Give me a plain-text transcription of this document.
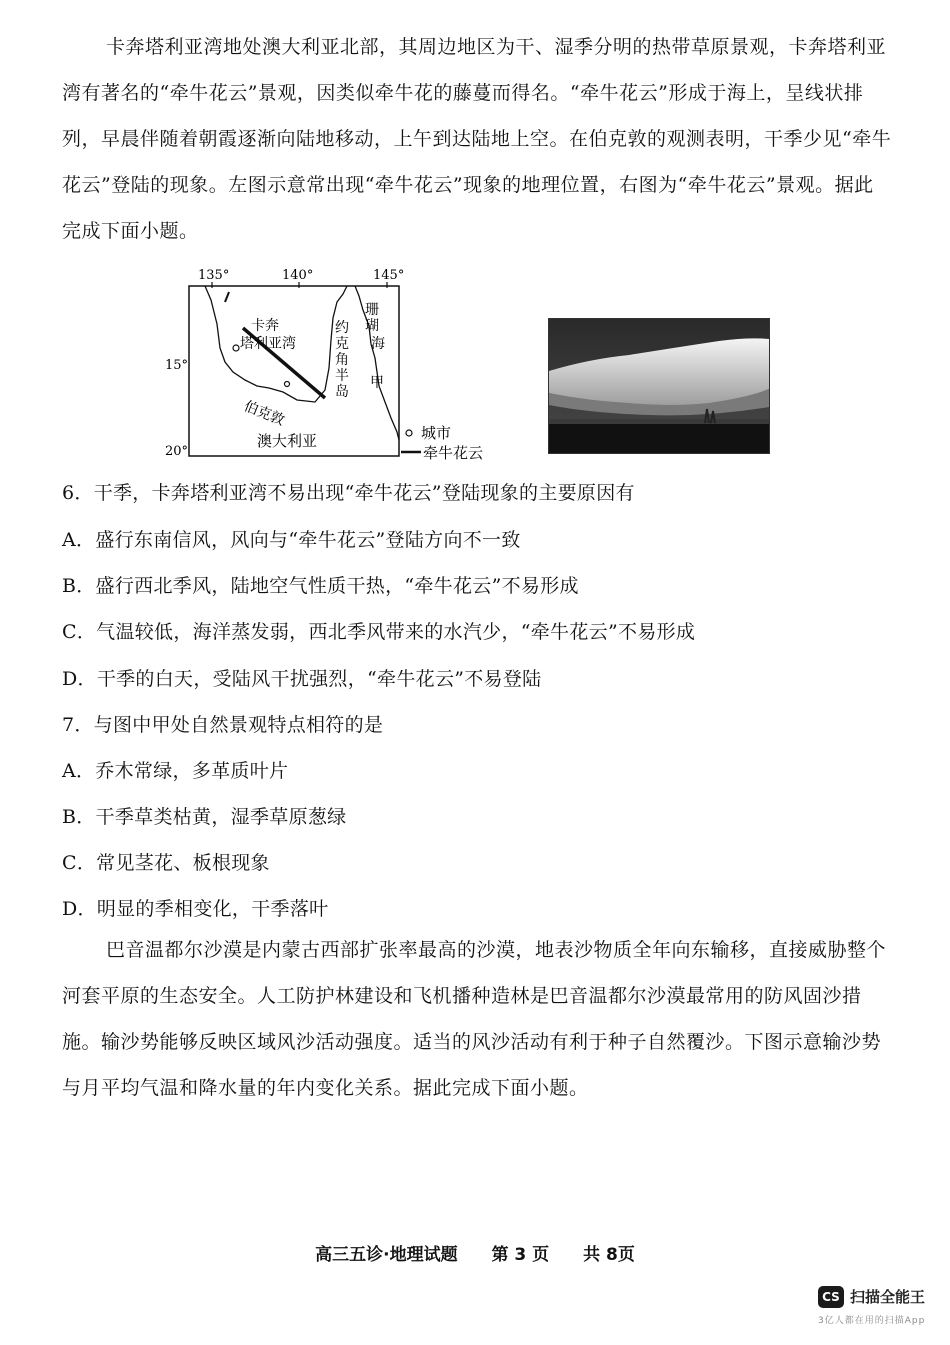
卡奔塔利亚湾地处澳大利亚北部，其周边地区为干、湿季分明的热带草原景观，卡奔塔利亚湾有著名的“牵牛花云”景观，因类似牵牛花的藤蔓而得名。“牵牛花云”形成于海上，呈线状排列，早晨伴随着朝霞逐渐向陆地移动，上午到达陆地上空。在伯克敦的观测表明，干季少见“牵牛花云”登陆的现象。左图示意常出现“牵牛花云”现象的地理位置，右图为“牵牛花云”景观。据此完成下面小题。
135°	140°	145°
15°
20°
卡奔
塔利亚湾
约
克
角
半
岛
珊
瑚
海
甲
伯克敦
澳大利亚	城市
牵牛花云
6．干季，卡奔塔利亚湾不易出现“牵牛花云”登陆现象的主要原因有
A．盛行东南信风，风向与“牵牛花云”登陆方向不一致
B．盛行西北季风，陆地空气性质干热，“牵牛花云”不易形成
C．气温较低，海洋蒸发弱，西北季风带来的水汽少，“牵牛花云”不易形成
D．干季的白天，受陆风干扰强烈，“牵牛花云”不易登陆
7．与图中甲处自然景观特点相符的是
A．乔木常绿，多革质叶片
B．干季草类枯黄，湿季草原葱绿
C．常见茎花、板根现象
D．明显的季相变化，干季落叶
巴音温都尔沙漠是内蒙古西部扩张率最高的沙漠，地表沙物质全年向东输移，直接威胁整个河套平原的生态安全。人工防护林建设和飞机播种造林是巴音温都尔沙漠最常用的防风固沙措施。输沙势能够反映区域风沙活动强度。适当的风沙活动有利于种子自然覆沙。下图示意输沙势与月平均气温和降水量的年内变化关系。据此完成下面小题。
高三五诊·地理试题 第 3 页 共 8页
CS 扫描全能王
3亿人都在用的扫描App
